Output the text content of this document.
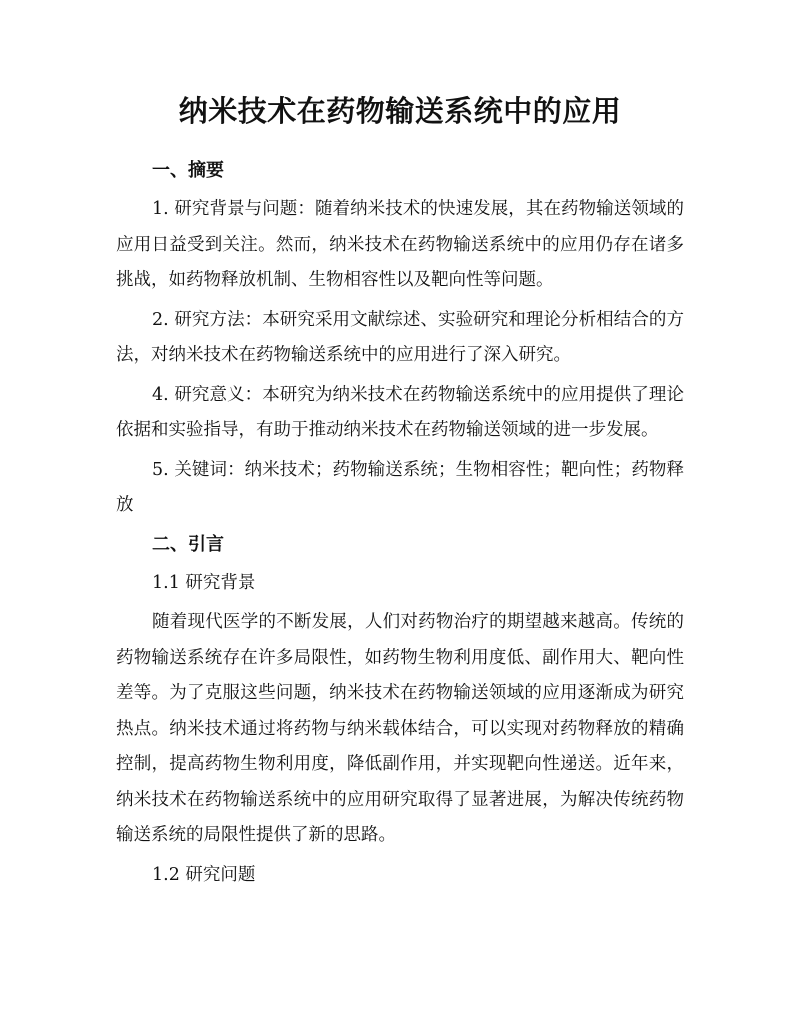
纳米技术在药物输送系统中的应用
一、摘要

1. 研究背景与问题：随着纳米技术的快速发展，其在药物输送领域的应用日益受到关注。然而，纳米技术在药物输送系统中的应用仍存在诸多挑战，如药物释放机制、生物相容性以及靶向性等问题。

2. 研究方法：本研究采用文献综述、实验研究和理论分析相结合的方法，对纳米技术在药物输送系统中的应用进行了深入研究。

4. 研究意义：本研究为纳米技术在药物输送系统中的应用提供了理论依据和实验指导，有助于推动纳米技术在药物输送领域的进一步发展。

5. 关键词：纳米技术；药物输送系统；生物相容性；靶向性；药物释放

二、引言
1.1 研究背景

随着现代医学的不断发展，人们对药物治疗的期望越来越高。传统的药物输送系统存在许多局限性，如药物生物利用度低、副作用大、靶向性差等。为了克服这些问题，纳米技术在药物输送领域的应用逐渐成为研究热点。纳米技术通过将药物与纳米载体结合，可以实现对药物释放的精确控制，提高药物生物利用度，降低副作用，并实现靶向性递送。近年来，纳米技术在药物输送系统中的应用研究取得了显著进展，为解决传统药物输送系统的局限性提供了新的思路。

1.2 研究问题
